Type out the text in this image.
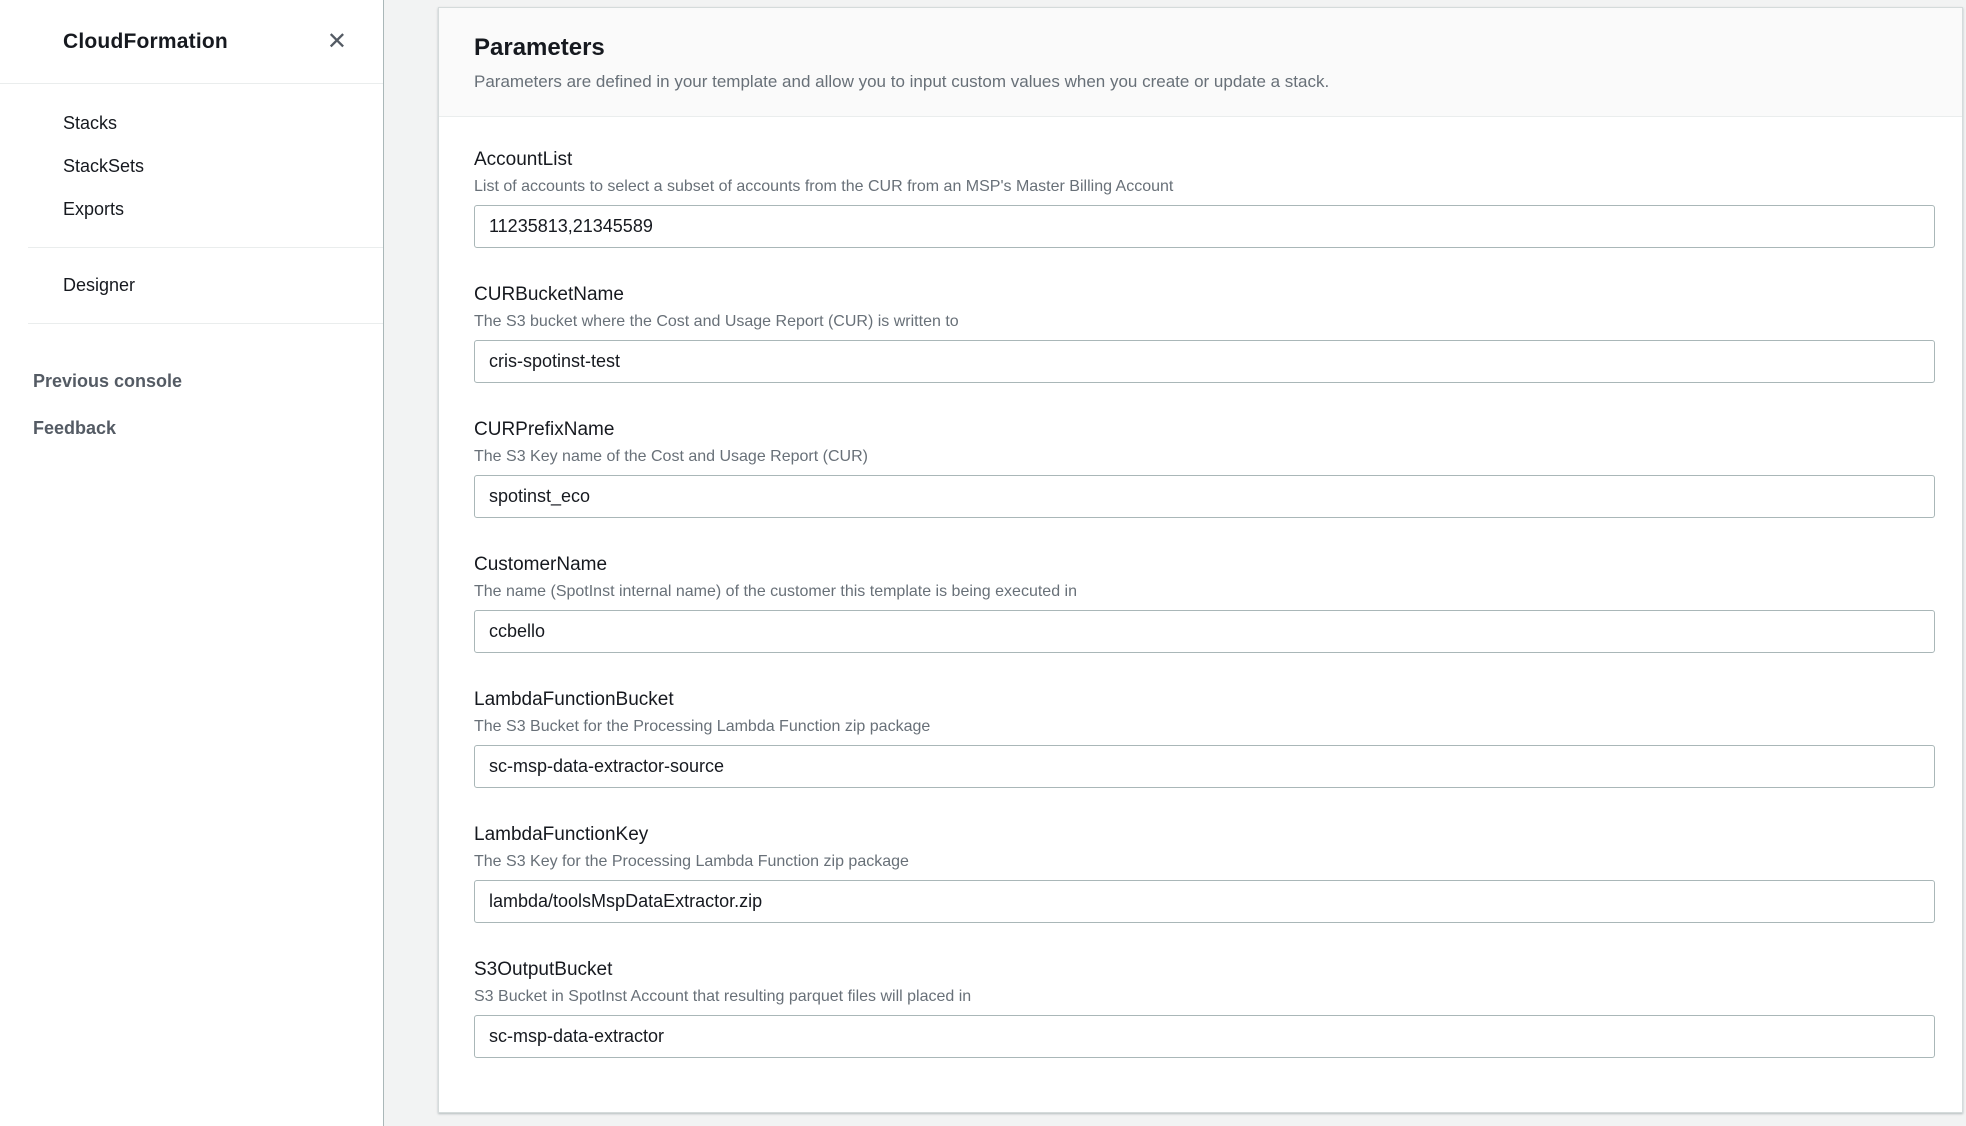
CloudFormation	✕
Stacks
StackSets
Exports
Designer
Previous console
Feedback
Parameters
Parameters are defined in your template and allow you to input custom values when you create or update a stack.
AccountList
List of accounts to select a subset of accounts from the CUR from an MSP's Master Billing Account
11235813,21345589
CURBucketName
The S3 bucket where the Cost and Usage Report (CUR) is written to
cris-spotinst-test
CURPrefixName
The S3 Key name of the Cost and Usage Report (CUR)
spotinst_eco
CustomerName
The name (SpotInst internal name) of the customer this template is being executed in
ccbello
LambdaFunctionBucket
The S3 Bucket for the Processing Lambda Function zip package
sc-msp-data-extractor-source
LambdaFunctionKey
The S3 Key for the Processing Lambda Function zip package
lambda/toolsMspDataExtractor.zip
S3OutputBucket
S3 Bucket in SpotInst Account that resulting parquet files will placed in
sc-msp-data-extractor
